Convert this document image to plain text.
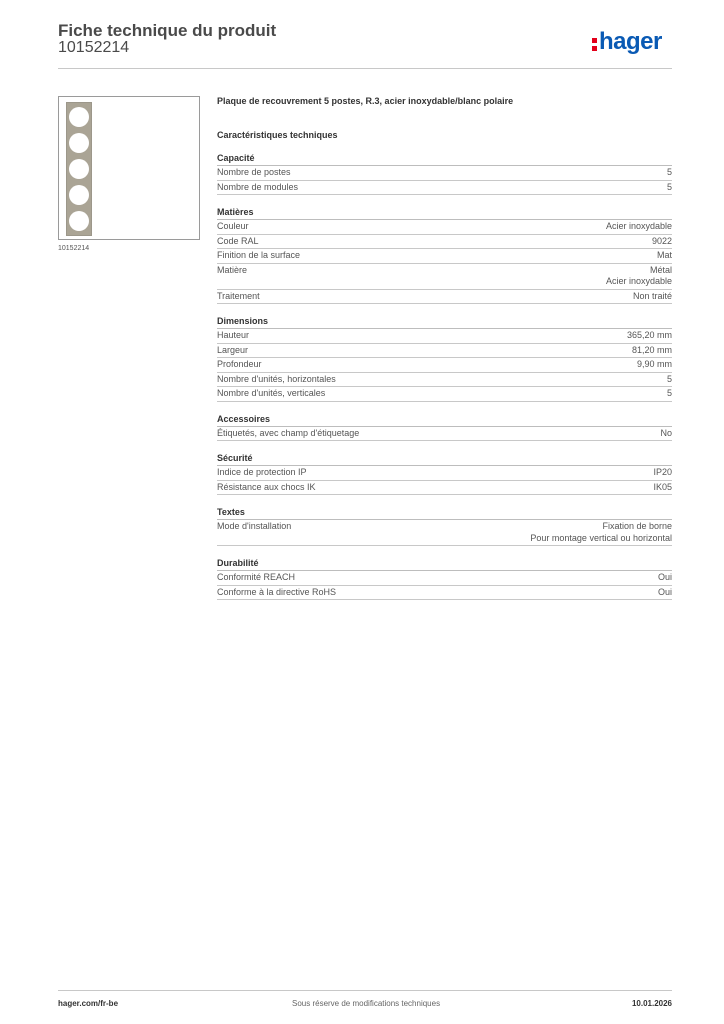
Fiche technique du produit
10152214	hager
10152214
Plaque de recouvrement 5 postes, R.3, acier inoxydable/blanc polaire
Caractéristiques techniques
Capacité
Nombre de postes	5
Nombre de modules	5
Matières
Couleur	Acier inoxydable
Code RAL	9022
Finition de la surface	Mat
Matière	Métal
Acier inoxydable
Traitement	Non traité
Dimensions
Hauteur	365,20 mm
Largeur	81,20 mm
Profondeur	9,90 mm
Nombre d'unités, horizontales	5
Nombre d'unités, verticales	5
Accessoires
Étiquetés, avec champ d'étiquetage	No
Sécurité
Indice de protection IP	IP20
Résistance aux chocs IK	IK05
Textes
Mode d'installation	Fixation de borne
Pour montage vertical ou horizontal
Durabilité
Conformité REACH	Oui
Conforme à la directive RoHS	Oui
hager.com/fr-be	Sous réserve de modifications techniques	10.01.2026
